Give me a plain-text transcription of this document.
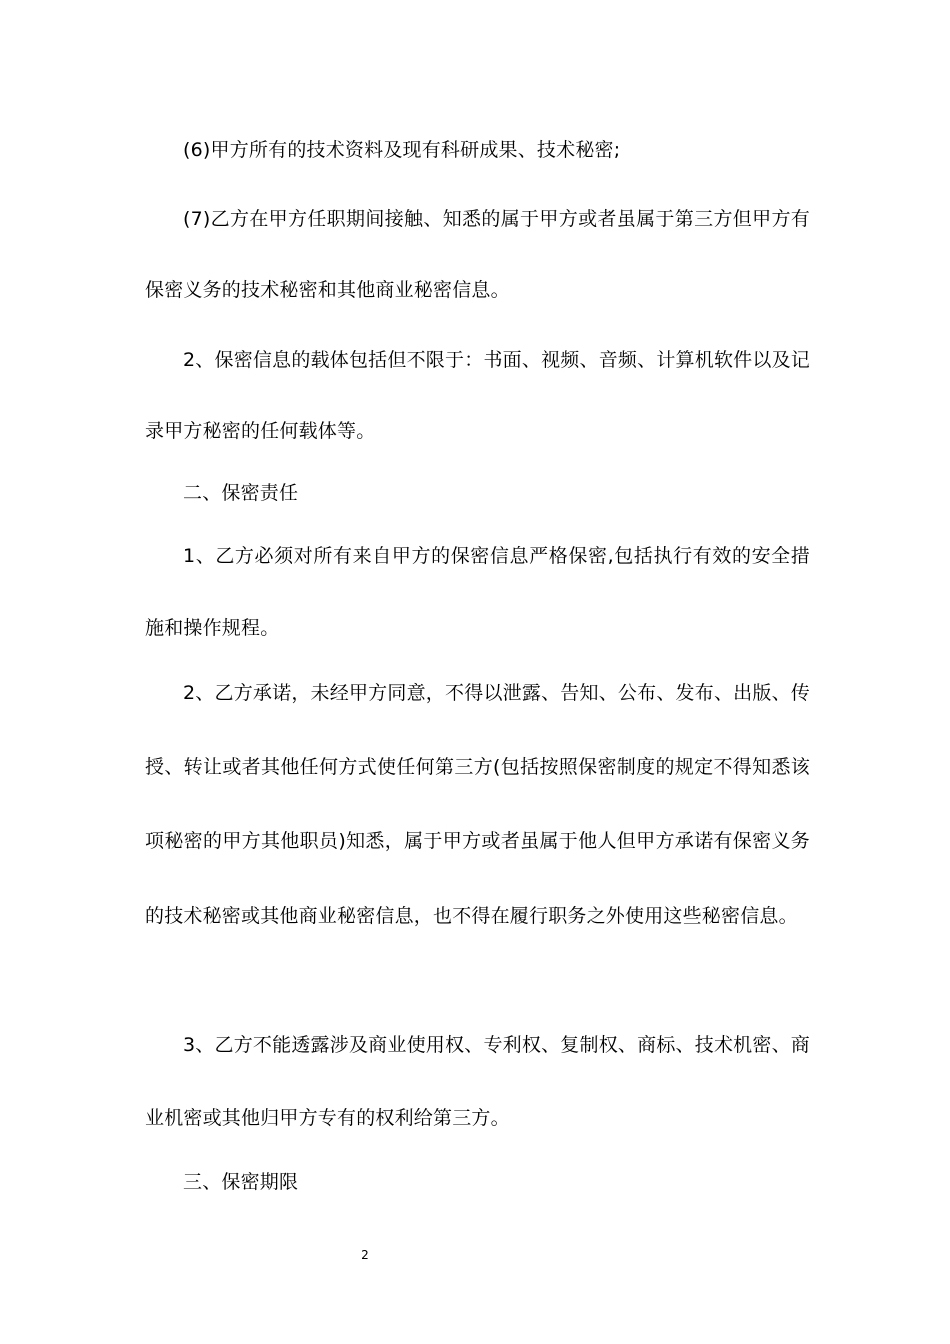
(6)甲方所有的技术资料及现有科研成果、技术秘密;
(7)乙方在甲方任职期间接触、知悉的属于甲方或者虽属于第三方但甲方有
保密义务的技术秘密和其他商业秘密信息。
2、保密信息的载体包括但不限于：书面、视频、音频、计算机软件以及记
录甲方秘密的任何载体等。
二、保密责任
1、乙方必须对所有来自甲方的保密信息严格保密,包括执行有效的安全措
施和操作规程。
2、乙方承诺，未经甲方同意，不得以泄露、告知、公布、发布、出版、传
授、转让或者其他任何方式使任何第三方(包括按照保密制度的规定不得知悉该
项秘密的甲方其他职员)知悉，属于甲方或者虽属于他人但甲方承诺有保密义务
的技术秘密或其他商业秘密信息，也不得在履行职务之外使用这些秘密信息。
3、乙方不能透露涉及商业使用权、专利权、复制权、商标、技术机密、商
业机密或其他归甲方专有的权利给第三方。
三、保密期限
2
